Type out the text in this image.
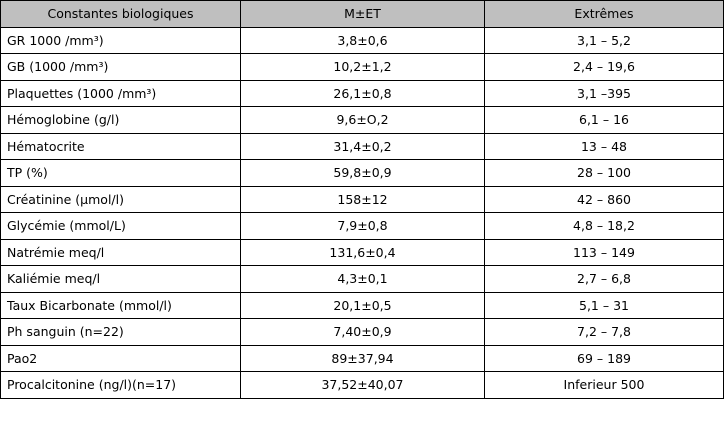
Constantes biologiques	M±ET	Extrêmes
GR 1000 /mm³)	3,8±0,6	3,1 – 5,2
GB (1000 /mm³)	10,2±1,2	2,4 – 19,6
Plaquettes (1000 /mm³)	26,1±0,8	3,1 –395
Hémoglobine (g/l)	9,6±O,2	6,1 – 16
Hématocrite	31,4±0,2	13 – 48
TP (%)	59,8±0,9	28 – 100
Créatinine (µmol/l)	158±12	42 – 860
Glycémie (mmol/L)	7,9±0,8	4,8 – 18,2
Natrémie meq/l	131,6±0,4	113 – 149
Kaliémie meq/l	4,3±0,1	2,7 – 6,8
Taux Bicarbonate (mmol/l)	20,1±0,5	5,1 – 31
Ph sanguin (n=22)	7,40±0,9	7,2 – 7,8
Pao2	89±37,94	69 – 189
Procalcitonine (ng/l)(n=17)	37,52±40,07	Inferieur 500
